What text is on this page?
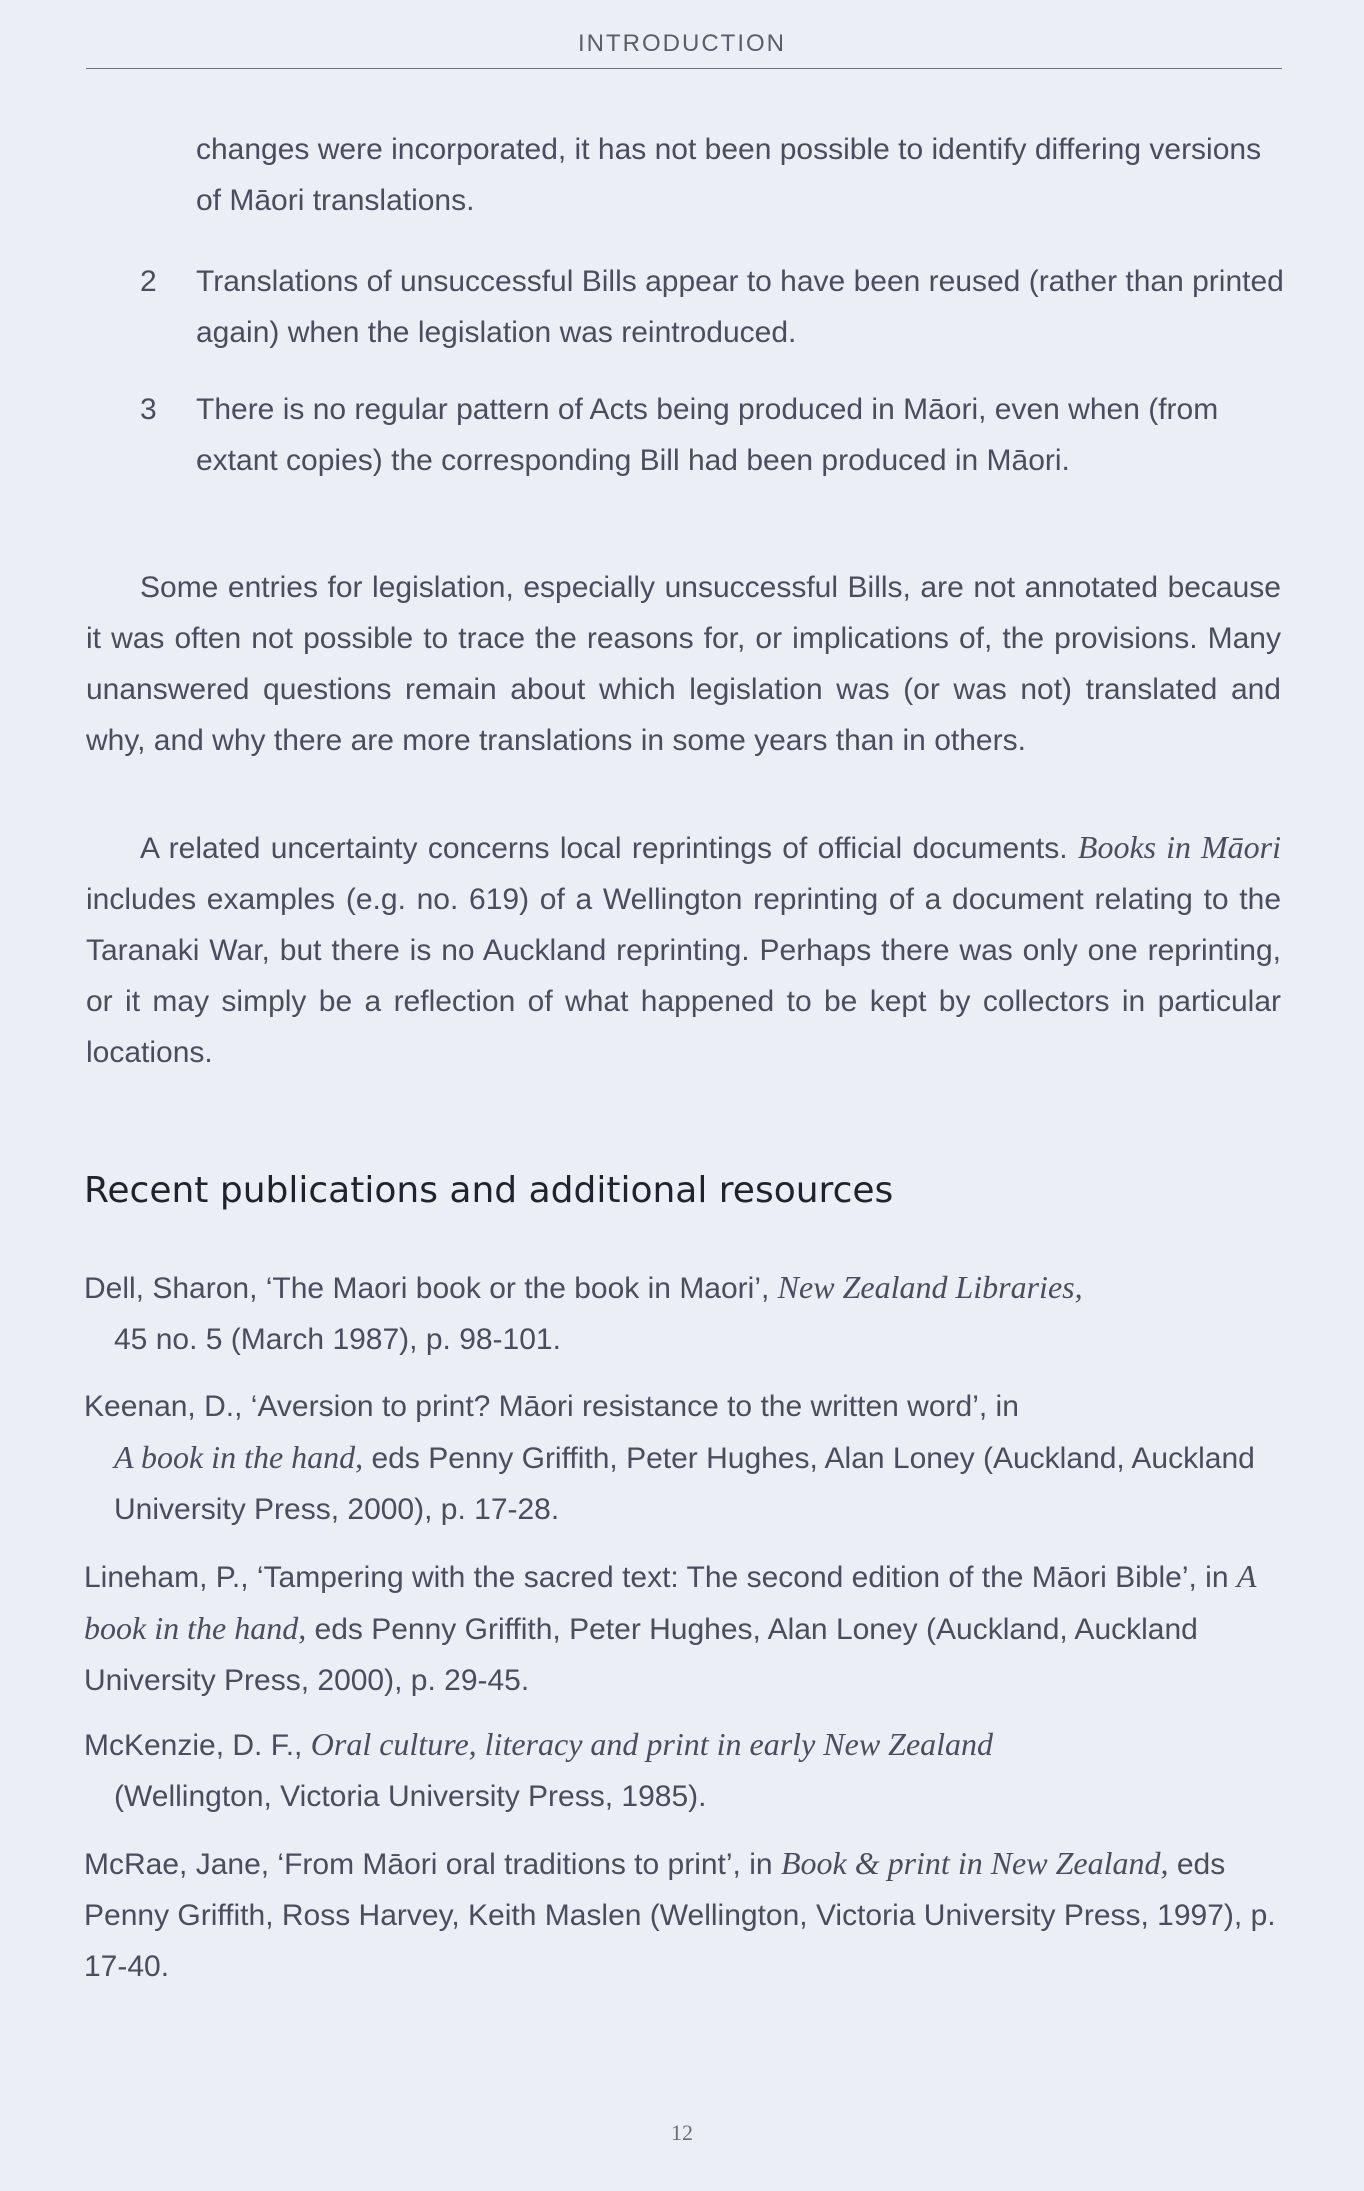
INTRODUCTION
changes were incorporated, it has not been possible to identify differing versions of Māori translations.
2	Translations of unsuccessful Bills appear to have been reused (rather than printed again) when the legislation was reintroduced.
3	There is no regular pattern of Acts being produced in Māori, even when (from extant copies) the corresponding Bill had been produced in Māori.
Some entries for legislation, especially unsuccessful Bills, are not annotated because it was often not possible to trace the reasons for, or implications of, the provisions. Many unanswered questions remain about which legislation was (or was not) translated and why, and why there are more translations in some years than in others.
A related uncertainty concerns local reprintings of official documents. Books in Māori includes examples (e.g. no. 619) of a Wellington reprinting of a document relating to the Taranaki War, but there is no Auckland reprinting. Perhaps there was only one reprinting, or it may simply be a reflection of what happened to be kept by collectors in particular locations.
Recent publications and additional resources
Dell, Sharon, ‘The Maori book or the book in Maori’, New Zealand Libraries,
45 no. 5 (March 1987), p. 98-101.
Keenan, D., ‘Aversion to print? Māori resistance to the written word’, in
A book in the hand, eds Penny Griffith, Peter Hughes, Alan Loney (Auckland, Auckland University Press, 2000), p. 17-28.
Lineham, P., ‘Tampering with the sacred text: The second edition of the Māori Bible’, in A book in the hand, eds Penny Griffith, Peter Hughes, Alan Loney (Auckland, Auckland University Press, 2000), p. 29-45.
McKenzie, D. F., Oral culture, literacy and print in early New Zealand
(Wellington, Victoria University Press, 1985).
McRae, Jane, ‘From Māori oral traditions to print’, in Book & print in New Zealand, eds Penny Griffith, Ross Harvey, Keith Maslen (Wellington, Victoria University Press, 1997), p. 17-40.
12
